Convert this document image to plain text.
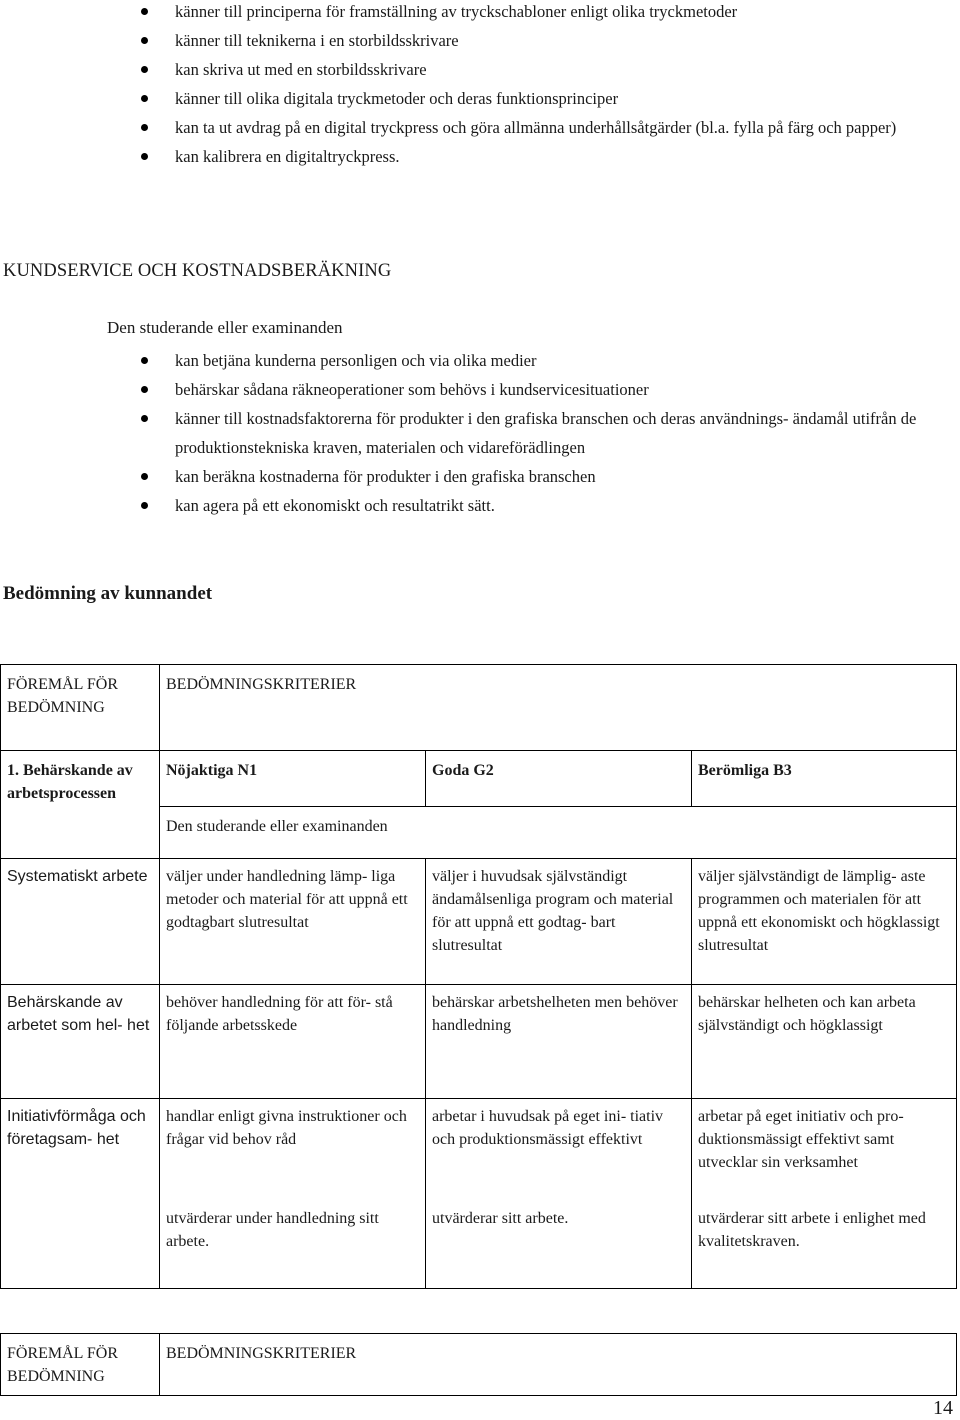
känner till principerna för framställning av tryckschabloner enligt olika tryckmetoder
känner till teknikerna i en storbildsskrivare
kan skriva ut med en storbildsskrivare
känner till olika digitala tryckmetoder och deras funktionsprinciper
kan ta ut avdrag på en digital tryckpress och göra allmänna underhållsåtgärder (bl.a. fylla på färg och papper)
kan kalibrera en digitaltryckpress.
KUNDSERVICE OCH KOSTNADSBERÄKNING
Den studerande eller examinanden
kan betjäna kunderna personligen och via olika medier
behärskar sådana räkneoperationer som behövs i kundservicesituationer
känner till kostnadsfaktorerna för produkter i den grafiska branschen och deras användnings- ändamål utifrån de produktionstekniska kraven, materialen och vidareförädlingen
kan beräkna kostnaderna för produkter i den grafiska branschen
kan agera på ett ekonomiskt och resultatrikt sätt.
Bedömning av kunnandet
FÖREMÅL FÖR BEDÖMNING	BEDÖMNINGSKRITERIER		
1. Behärskande av arbetsprocessen	Nöjaktiga N1	Goda G2	Berömliga B3
	Den studerande eller examinanden		
Systematiskt arbete	väljer under handledning lämp- liga metoder och material för att uppnå ett godtagbart slutresultat	väljer i huvudsak självständigt ändamålsenliga program och material för att uppnå ett godtag- bart slutresultat	väljer självständigt de lämplig- aste programmen och materialen för att uppnå ett ekonomiskt och högklassigt slutresultat
Behärskande av arbetet som hel- het	behöver handledning för att för- stå följande arbetsskede	behärskar arbetshelheten men behöver handledning	behärskar helheten och kan arbeta självständigt och högklassigt
Initiativförmåga och företagsam- het	handlar enligt givna instruktioner och frågar vid behov råd	arbetar i huvudsak på eget ini- tiativ och produktionsmässigt effektivt	arbetar på eget initiativ och pro- duktionsmässigt effektivt samt utvecklar sin verksamhet
	utvärderar under handledning sitt arbete.	utvärderar sitt arbete.	utvärderar sitt arbete i enlighet med kvalitetskraven.
FÖREMÅL FÖR BEDÖMNING	BEDÖMNINGSKRITERIER
14
